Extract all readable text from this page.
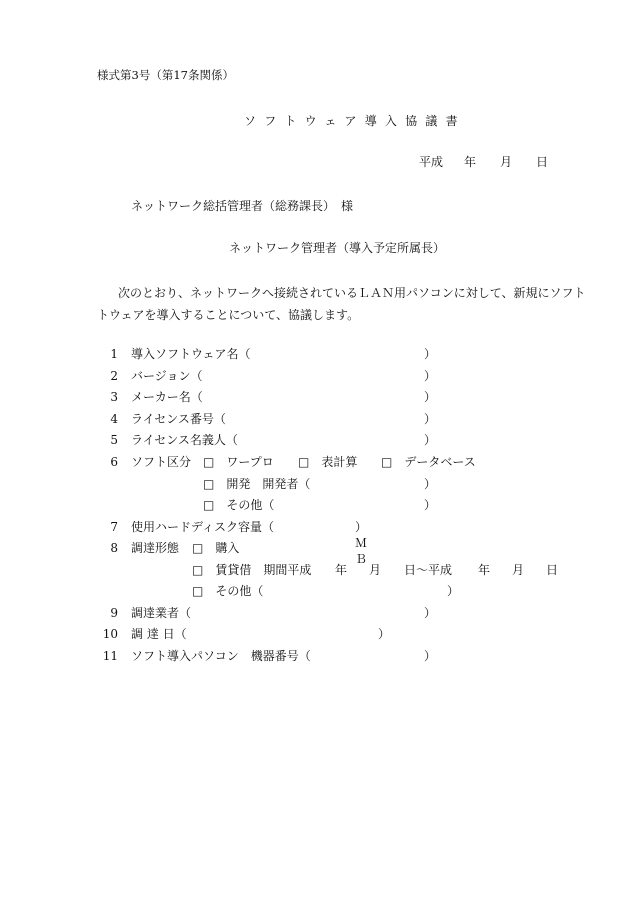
様式第3号（第17条関係）
ソフトウェア導入協議書
平成 年 月 日
ネットワーク総括管理者（総務課長）　様
ネットワーク管理者（導入予定所属長）
次のとおり、ネットワークへ接続されているＬＡＮ用パソコンに対して、新規にソフト
トウェアを導入することについて、協議します。
1 導入ソフトウェア名（	）
2 バージョン（	）
3 メーカー名（	）
4 ライセンス番号（	）
5 ライセンス名義人（	）
6 ソフト区分 □　ワープロ □　表計算 □　データベース
□　開発　開発者（	）
□　その他（	）
7 使用ハードディスク容量（	）ＭＢ
8 調達形態 □　購入
□　賃貸借　期間平成 年 月 日～平成 年 月 日
□　その他（	）
9 調達業者（	）
10 調 達 日（	）
11 ソフト導入パソコン　機器番号（	）
